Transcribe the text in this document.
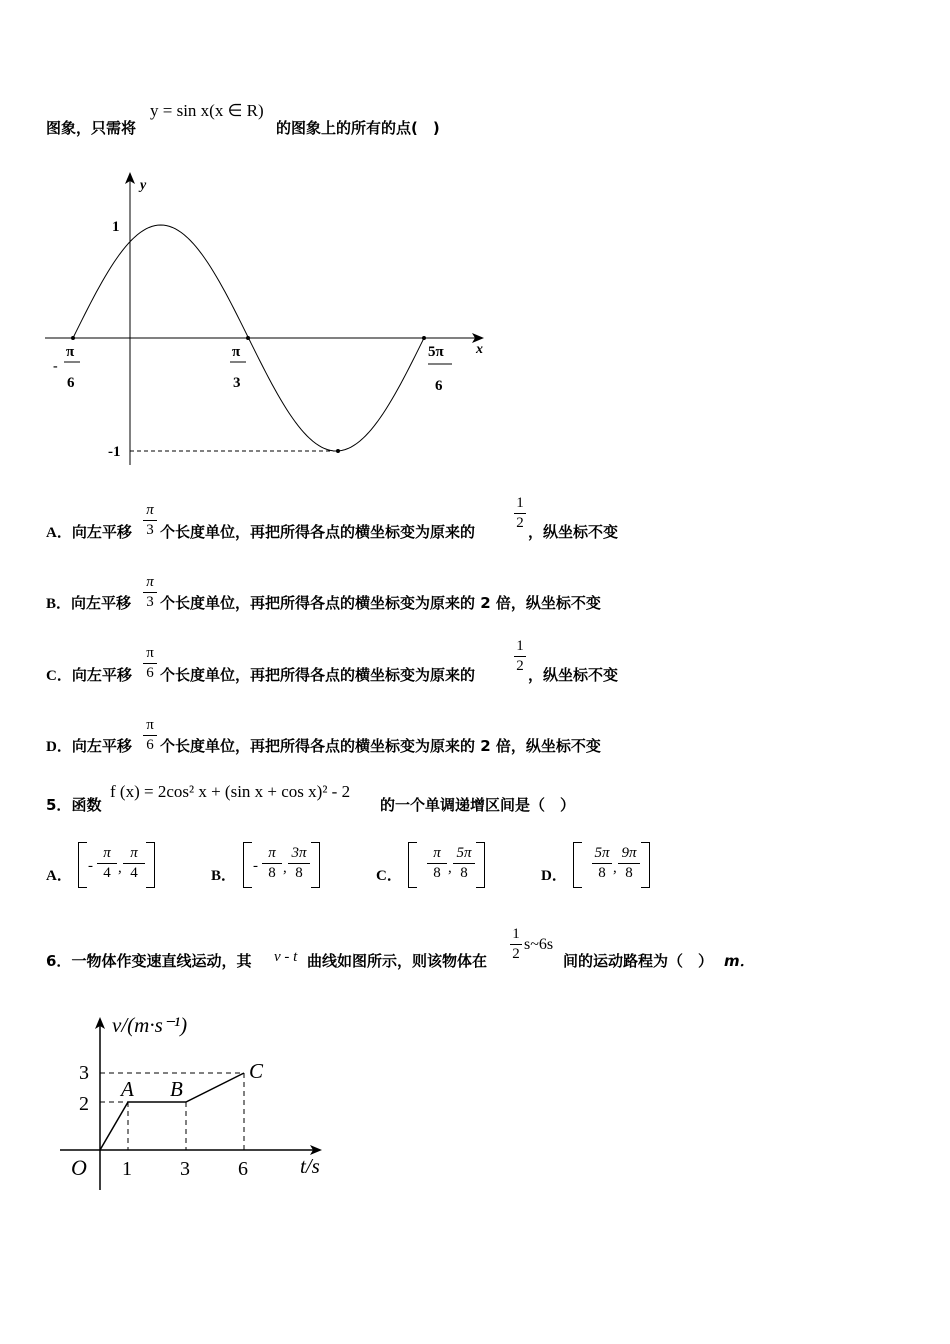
图象，只需将
y = sin x(x ∈ R)
的图象上的所有的点(　)
y
x
1
-1
π
-
6
π
3
5π
6
A．向左平移
π
3 个长度单位，再把所得各点的横坐标变为原来的
1
2 ，纵坐标不变
B．向左平移
π
3 个长度单位，再把所得各点的横坐标变为原来的 2 倍，纵坐标不变
C．向左平移
π
6 个长度单位，再把所得各点的横坐标变为原来的
1
2 ，纵坐标不变
D．向左平移
π
6 个长度单位，再把所得各点的横坐标变为原来的 2 倍，纵坐标不变
5．函数
f (x) = 2cos² x + (sin x + cos x)² - 2
的一个单调递增区间是（　）
A．
-
π
4 ,
π
4	B．
-
π
8 ,
3π
8	C．
π
8 ,
5π
8	D．
5π
8 ,
9π
8
6．一物体作变速直线运动，其 v - t 曲线如图所示，则该物体在
1
2
s~6s
间的运动路程为（　） m．
v/(m·s⁻¹)
t/s
O
3
2
1 3 6
A B
C
